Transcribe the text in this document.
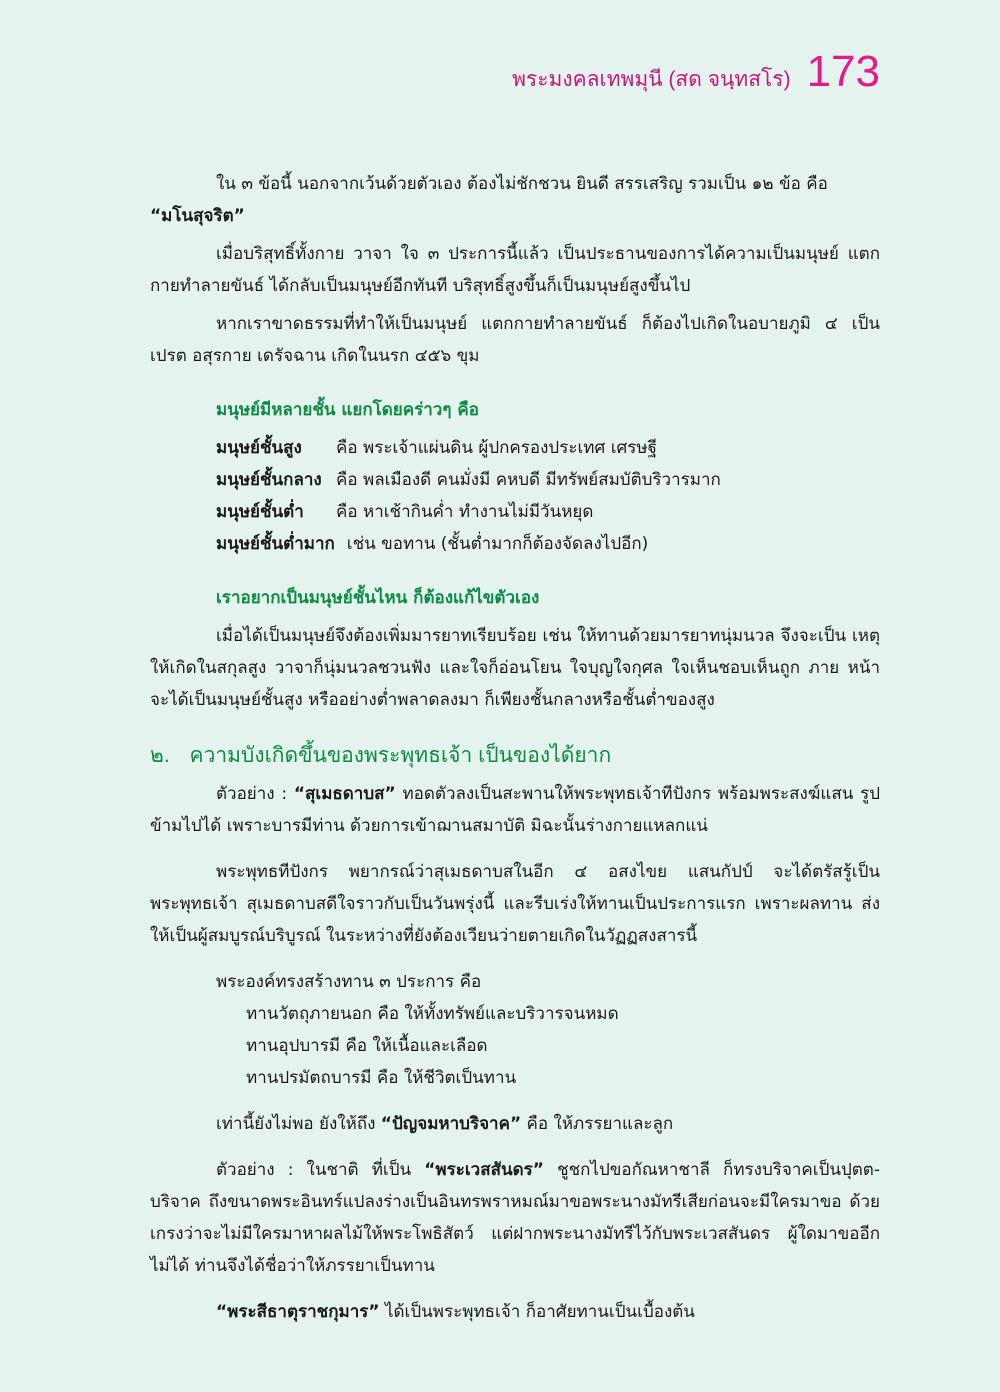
พระมงคลเทพมุนี (สด จนฺทสโร) 173

ใน ๓ ข้อนี้ นอกจากเว้นด้วยตัวเอง ต้องไม่ชักชวน ยินดี สรรเสริญ รวมเป็น ๑๒ ข้อ คือ

“มโนสุจริต”

เมื่อบริสุทธิ์ทั้งกาย วาจา ใจ ๓ ประการนี้แล้ว เป็นประธานของการได้ความเป็นมนุษย์ แตกกายทำลายขันธ์ ได้กลับเป็นมนุษย์อีกทันที บริสุทธิ์สูงขึ้นก็เป็นมนุษย์สูงขึ้นไป

หากเราขาดธรรมที่ทำให้เป็นมนุษย์ แตกกายทำลายขันธ์ ก็ต้องไปเกิดในอบายภูมิ ๔ เป็น เปรต อสุรกาย เดรัจฉาน เกิดในนรก ๔๕๖ ขุม

มนุษย์มีหลายชั้น แยกโดยคร่าวๆ คือ

มนุษย์ชั้นสูง	คือ พระเจ้าแผ่นดิน ผู้ปกครองประเทศ เศรษฐี
มนุษย์ชั้นกลาง คือ พลเมืองดี คนมั่งมี คหบดี มีทรัพย์สมบัติบริวารมาก
มนุษย์ชั้นต่ำ	คือ หาเช้ากินค่ำ ทำงานไม่มีวันหยุด
มนุษย์ชั้นต่ำมาก เช่น ขอทาน (ชั้นต่ำมากก็ต้องจัดลงไปอีก)

เราอยากเป็นมนุษย์ชั้นไหน ก็ต้องแก้ไขตัวเอง

เมื่อได้เป็นมนุษย์จึงต้องเพิ่มมารยาทเรียบร้อย เช่น ให้ทานด้วยมารยาทนุ่มนวล จึงจะเป็น เหตุให้เกิดในสกุลสูง วาจาก็นุ่มนวลชวนฟัง และใจก็อ่อนโยน ใจบุญใจกุศล ใจเห็นชอบเห็นถูก ภาย หน้าจะได้เป็นมนุษย์ชั้นสูง หรืออย่างต่ำพลาดลงมา ก็เพียงชั้นกลางหรือชั้นต่ำของสูง

๒. ความบังเกิดขึ้นของพระพุทธเจ้า เป็นของได้ยาก

ตัวอย่าง : “สุเมธดาบส” ทอดตัวลงเป็นสะพานให้พระพุทธเจ้าทีปังกร พร้อมพระสงฆ์แสน รูปข้ามไปได้ เพราะบารมีท่าน ด้วยการเข้าฌานสมาบัติ มิฉะนั้นร่างกายแหลกแน่

พระพุทธทีปังกร พยากรณ์ว่าสุเมธดาบสในอีก ๔ อสงไขย แสนกัปป์ จะได้ตรัสรู้เป็น พระพุทธเจ้า สุเมธดาบสดีใจราวกับเป็นวันพรุ่งนี้ และรีบเร่งให้ทานเป็นประการแรก เพราะผลทาน ส่งให้เป็นผู้สมบูรณ์บริบูรณ์ ในระหว่างที่ยังต้องเวียนว่ายตายเกิดในวัฏฏสงสารนี้

พระองค์ทรงสร้างทาน ๓ ประการ คือ

ทานวัตถุภายนอก คือ ให้ทั้งทรัพย์และบริวารจนหมด

ทานอุปบารมี คือ ให้เนื้อและเลือด

ทานปรมัตถบารมี คือ ให้ชีวิตเป็นทาน

เท่านี้ยังไม่พอ ยังให้ถึง “ปัญจมหาบริจาค” คือ ให้ภรรยาและลูก

ตัวอย่าง : ในชาติ ที่เป็น “พระเวสสันดร” ชูชกไปขอกัณหาชาลี ก็ทรงบริจาคเป็นปุตต- บริจาค ถึงขนาดพระอินทร์แปลงร่างเป็นอินทรพราหมณ์มาขอพระนางมัทรีเสียก่อนจะมีใครมาขอ ด้วยเกรงว่าจะไม่มีใครมาหาผลไม้ให้พระโพธิสัตว์ แต่ฝากพระนางมัทรีไว้กับพระเวสสันดร ผู้ใดมาขออีก ไม่ได้ ท่านจึงได้ชื่อว่าให้ภรรยาเป็นทาน

“พระสีธาตุราชกุมาร” ได้เป็นพระพุทธเจ้า ก็อาศัยทานเป็นเบื้องต้น
